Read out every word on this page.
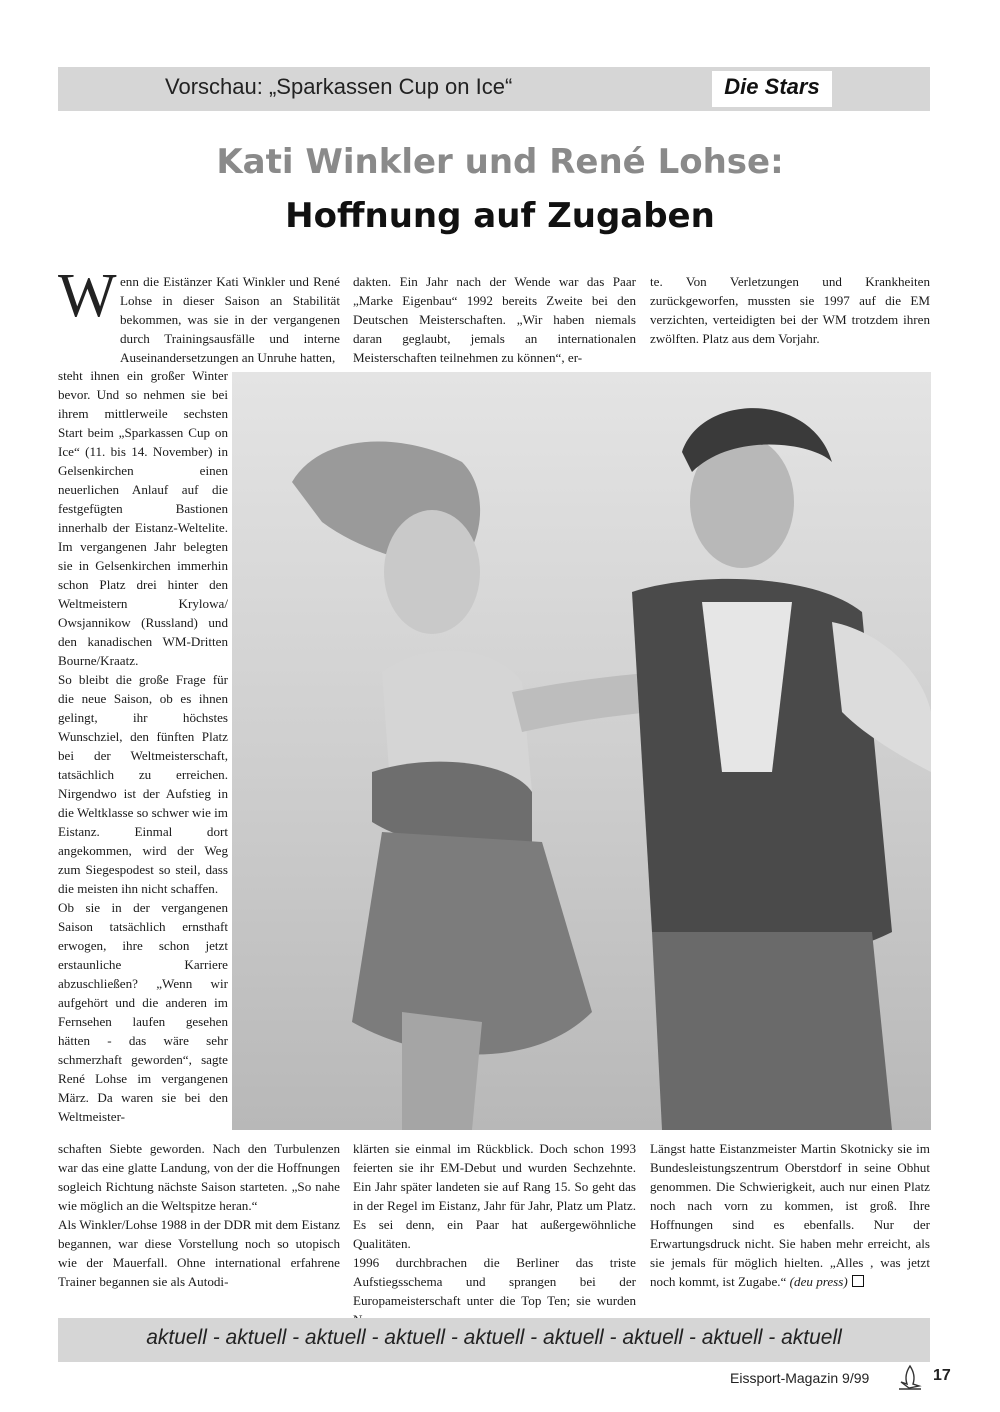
Vorschau: „Sparkassen Cup on Ice“	Die Stars
Kati Winkler und René Lohse:
Hoffnung auf Zugaben
W enn die Eistänzer Kati Winkler und René Lohse in dieser Saison an Stabilität bekommen, was sie in der vergangenen durch Trainingsausfälle und interne Auseinandersetzungen an Unruhe hatten,

steht ihnen ein großer Winter bevor. Und so nehmen sie bei ihrem mittlerweile sechsten Start beim „Sparkassen Cup on Ice“ (11. bis 14. November) in Gelsenkirchen einen neuerlichen Anlauf auf die festgefügten Bastionen innerhalb der Eistanz-Weltelite. Im vergangenen Jahr belegten sie in Gelsenkirchen immerhin schon Platz drei hinter den Weltmeistern Krylowa/ Owsjannikow (Russland) und den kanadischen WM-Dritten Bourne/Kraatz.

So bleibt die große Frage für die neue Saison, ob es ihnen gelingt, ihr höchstes Wunschziel, den fünften Platz bei der Weltmeisterschaft, tatsächlich zu erreichen. Nirgendwo ist der Aufstieg in die Weltklasse so schwer wie im Eistanz. Einmal dort angekommen, wird der Weg zum Siegespodest so steil, dass die meisten ihn nicht schaffen.

Ob sie in der vergangenen Saison tatsächlich ernsthaft erwogen, ihre schon jetzt erstaunliche Karriere abzuschließen? „Wenn wir aufgehört und die anderen im Fernsehen laufen gesehen hätten - das wäre sehr schmerzhaft geworden“, sagte René Lohse im vergangenen März. Da waren sie bei den Weltmeister-

schaften Siebte geworden. Nach den Turbulenzen war das eine glatte Landung, von der die Hoffnungen sogleich Richtung nächste Saison starteten. „So nahe wie möglich an die Weltspitze heran.“

Als Winkler/Lohse 1988 in der DDR mit dem Eistanz begannen, war diese Vorstellung noch so utopisch wie der Mauerfall. Ohne international erfahrene Trainer begannen sie als Autodi-

dakten. Ein Jahr nach der Wende war das Paar „Marke Eigenbau“ 1992 bereits Zweite bei den Deutschen Meisterschaften. „Wir haben niemals daran geglaubt, jemals an internationalen Meisterschaften teilnehmen zu können“, er-

klärten sie einmal im Rückblick. Doch schon 1993 feierten sie ihr EM-Debut und wurden Sechzehnte. Ein Jahr später landeten sie auf Rang 15. So geht das in der Regel im Eistanz, Jahr für Jahr, Platz um Platz. Es sei denn, ein Paar hat außergewöhnliche Qualitäten.

1996 durchbrachen die Berliner das triste Aufstiegsschema und sprangen bei der Europameisterschaft unter die Top Ten; sie wurden

te. Von Verletzungen und Krankheiten zurückgeworfen, mussten sie 1997 auf die EM verzichten, verteidigten bei der WM trotzdem ihren zwölften. Platz aus dem Vorjahr.

Längst hatte Eistanzmeister Martin Skotnicky sie im Bundesleistungszentrum Oberstdorf in seine Obhut genommen. Die Schwierigkeit, auch nur einen Platz noch nach vorn zu kommen, ist groß. Ihre Hoffnungen sind es ebenfalls. Nur der Erwartungsdruck nicht. Sie haben mehr erreicht, als sie jemals für möglich hielten. „Alles , was jetzt noch kommt, ist Zugabe.“ (deu press)

aktuell - aktuell - aktuell - aktuell - aktuell - aktuell - aktuell - aktuell - aktuell
Eissport-Magazin 9/99	17
